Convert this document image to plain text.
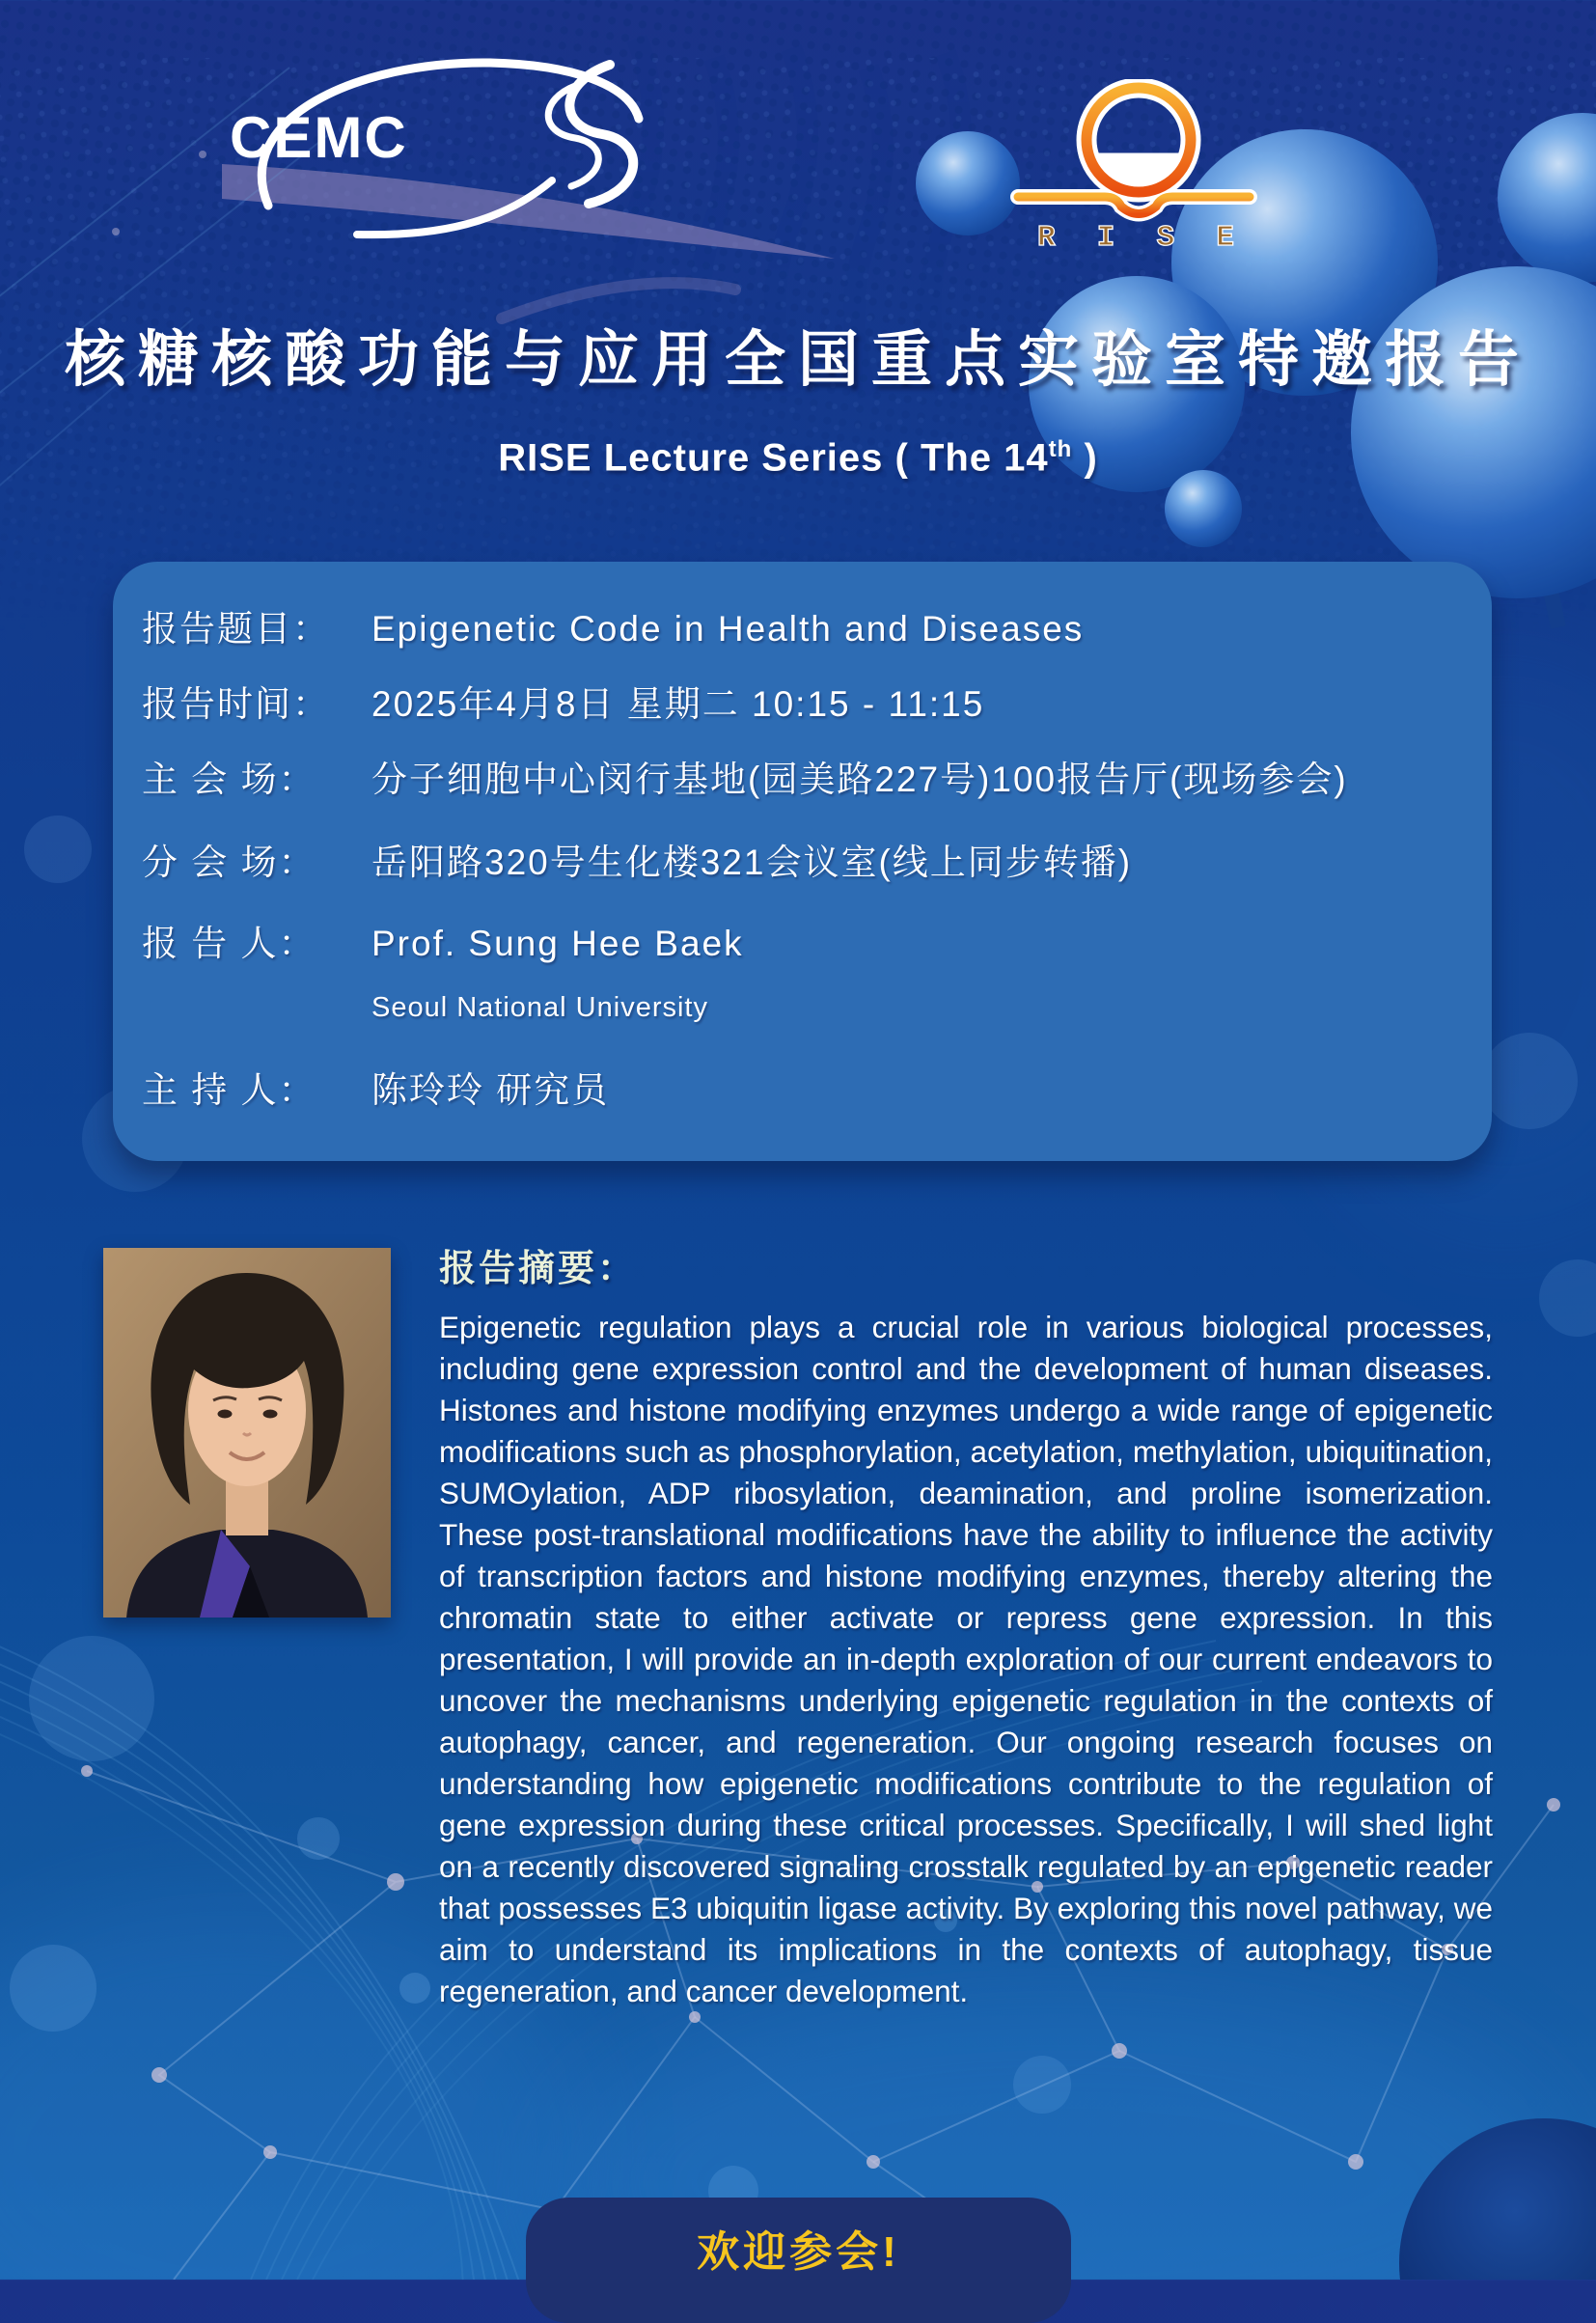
CEMC
RISE
核糖核酸功能与应用全国重点实验室特邀报告
RISE Lecture Series ( The 14th )
报告题目：	Epigenetic Code in Health and Diseases
报告时间：	2025年4月8日 星期二 10:15 - 11:15
主 会 场：	分子细胞中心闵行基地(园美路227号)100报告厅(现场参会)
分 会 场：	岳阳路320号生化楼321会议室(线上同步转播)
报 告 人：	Prof. Sung Hee Baek
Seoul National University
主 持 人：	陈玲玲 研究员
报告摘要：

Epigenetic regulation plays a crucial role in various biological processes, including gene expression control and the development of human diseases. Histones and histone modifying enzymes undergo a wide range of epigenetic modifications such as phosphorylation, acetylation, methylation, ubiquitination, SUMOylation, ADP ribosylation, deamination, and proline isomerization. These post-translational modifications have the ability to influence the activity of transcription factors and histone modifying enzymes, thereby altering the chromatin state to either activate or repress gene expression. In this presentation, I will provide an in-depth exploration of our current endeavors to uncover the mechanisms underlying epigenetic regulation in the contexts of autophagy, cancer, and regeneration. Our ongoing research focuses on understanding how epigenetic modifications contribute to the regulation of gene expression during these critical processes. Specifically, I will shed light on a recently discovered signaling crosstalk regulated by an epigenetic reader that possesses E3 ubiquitin ligase activity. By exploring this novel pathway, we aim to understand its implications in the contexts of autophagy, tissue regeneration, and cancer development.

欢迎参会!
